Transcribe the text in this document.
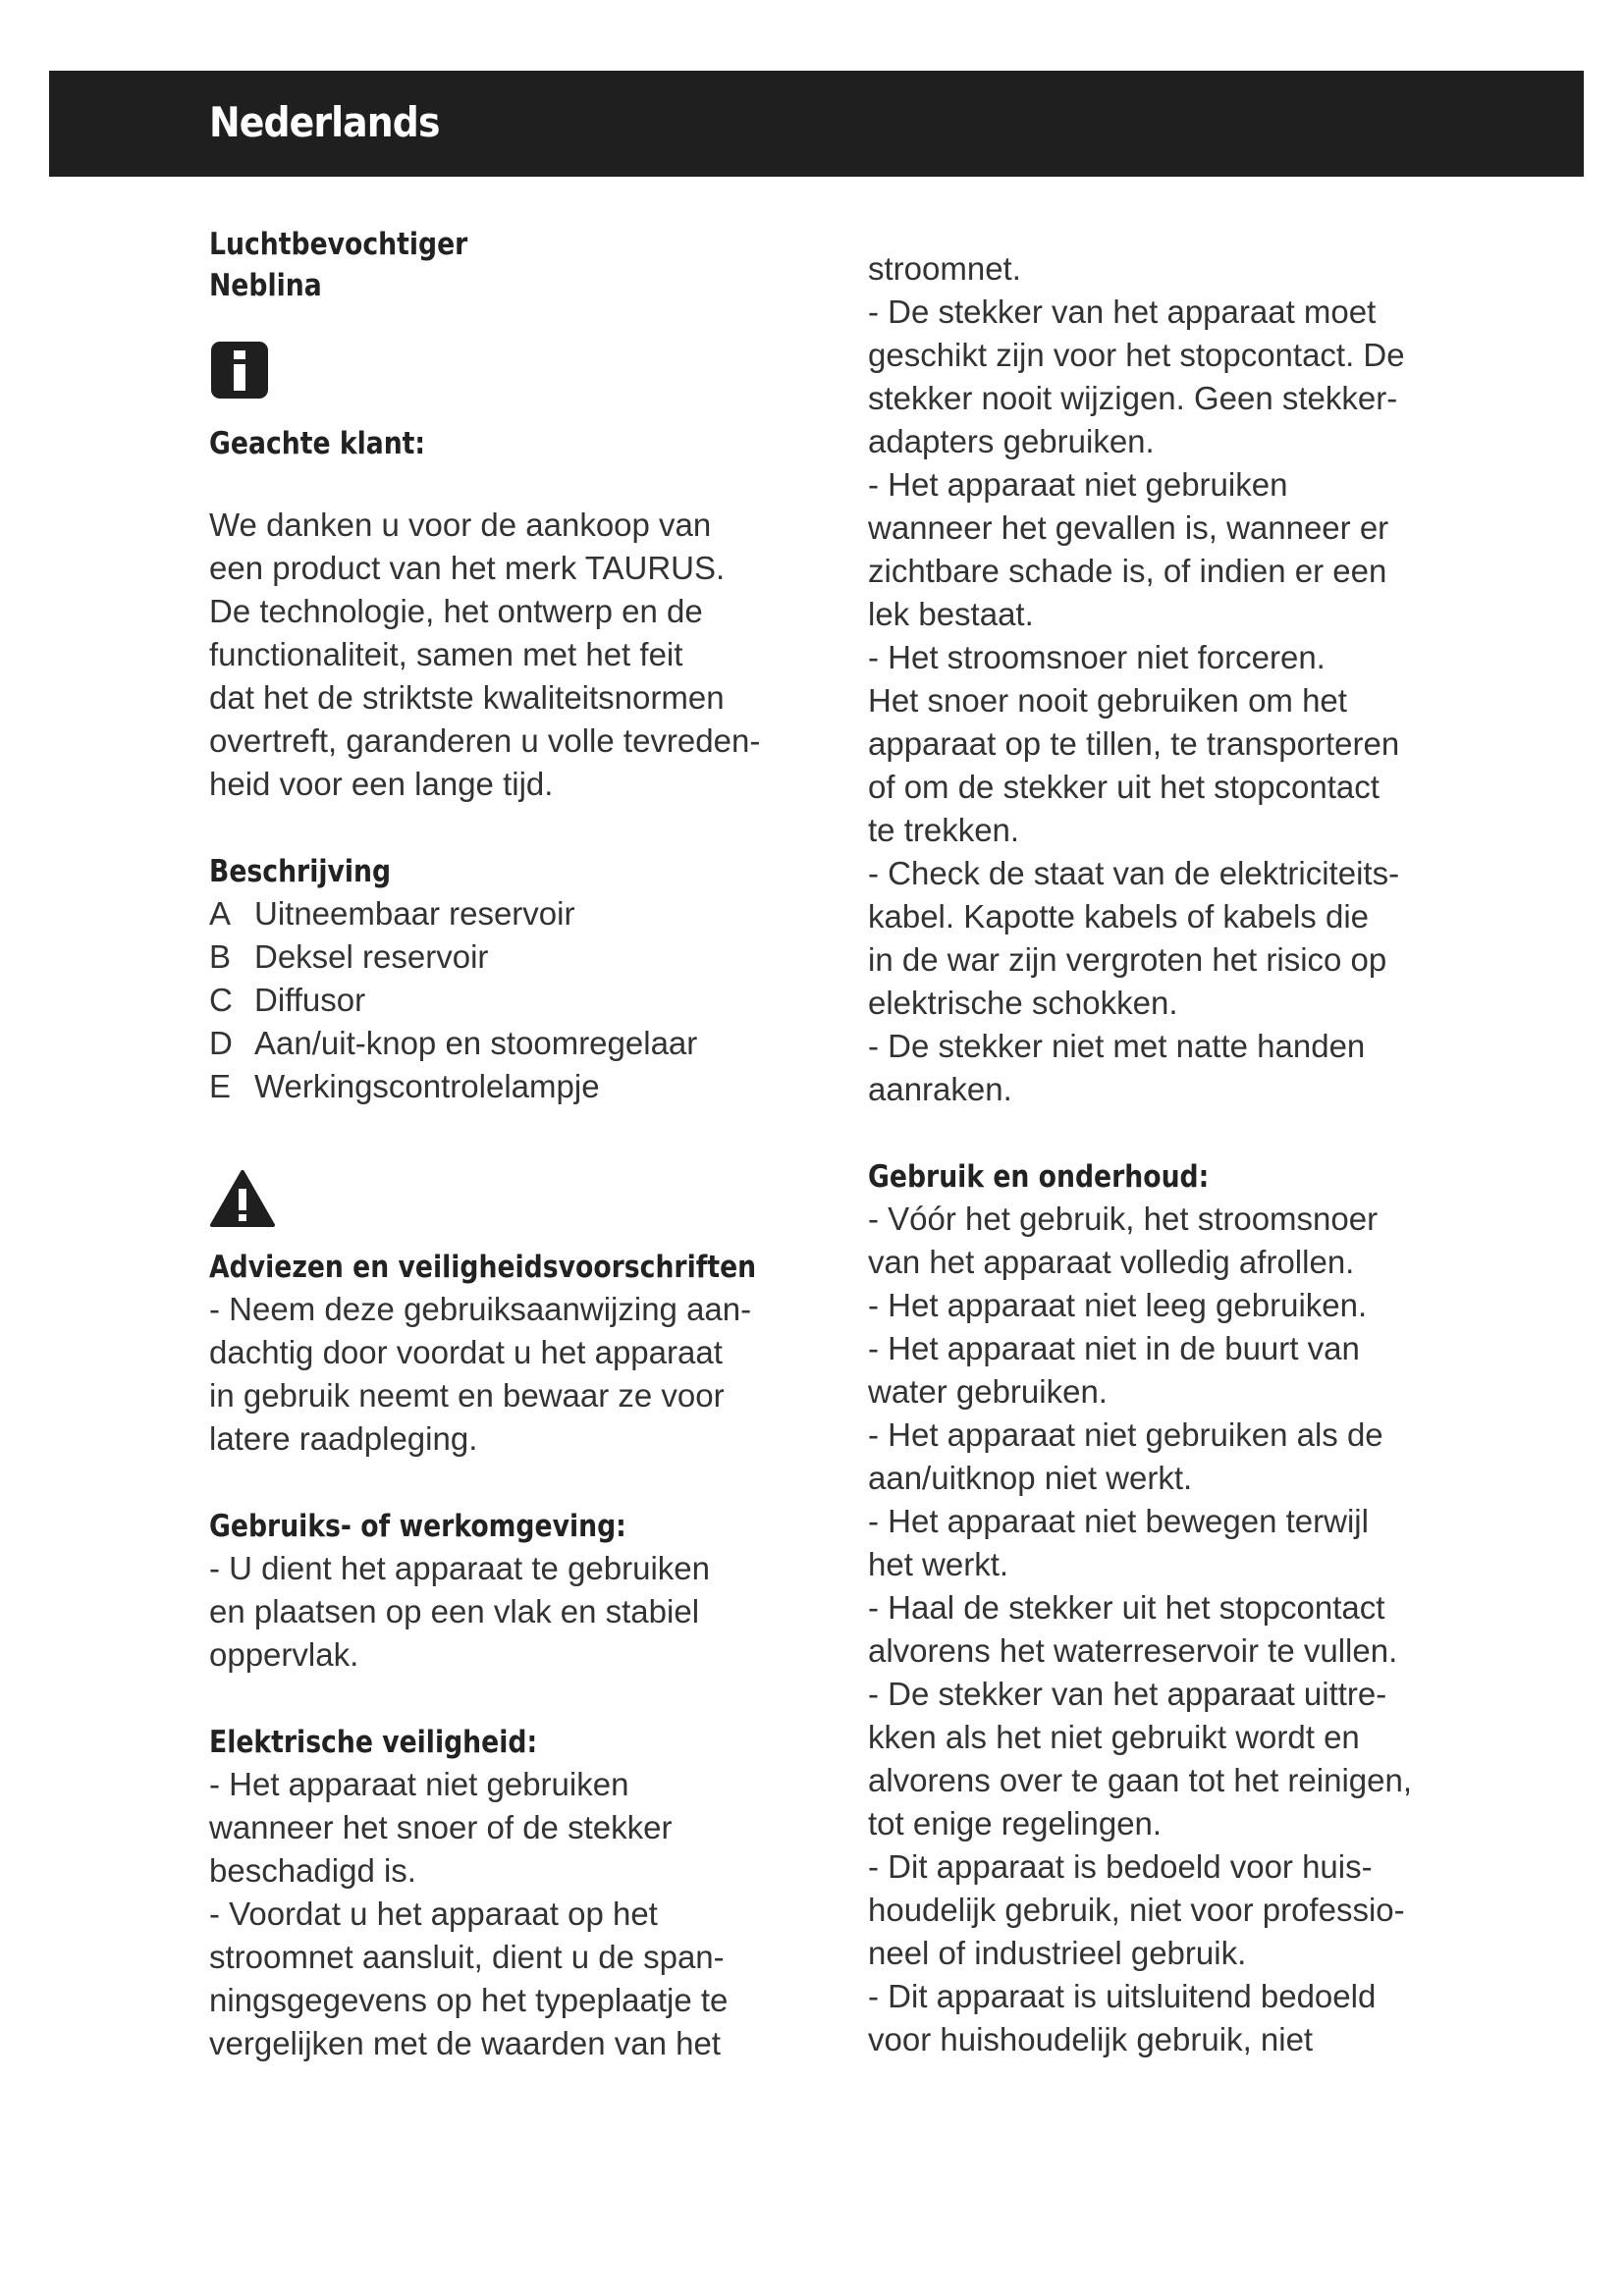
Nederlands

Luchtbevochtiger

Neblina

Geachte klant:

We danken u voor de aankoop van

een product van het merk TAURUS.

De technologie, het ontwerp en de

functionaliteit, samen met het feit

dat het de striktste kwaliteitsnormen

overtreft, garanderen u volle tevreden-

heid voor een lange tijd.

Beschrijving

A Uitneembaar reservoir
B Deksel reservoir
C Diffusor
D Aan/uit-knop en stoomregelaar
E Werkingscontrolelampje

Adviezen en veiligheidsvoorschriften

- Neem deze gebruiksaanwijzing aan-

dachtig door voordat u het apparaat

in gebruik neemt en bewaar ze voor

latere raadpleging.

Gebruiks- of werkomgeving:

- U dient het apparaat te gebruiken

en plaatsen op een vlak en stabiel

oppervlak.

Elektrische veiligheid:

- Het apparaat niet gebruiken

wanneer het snoer of de stekker

beschadigd is.

- Voordat u het apparaat op het

stroomnet aansluit, dient u de span-

ningsgegevens op het typeplaatje te

vergelijken met de waarden van het

stroomnet.

- De stekker van het apparaat moet

geschikt zijn voor het stopcontact. De

stekker nooit wijzigen. Geen stekker-

adapters gebruiken.

- Het apparaat niet gebruiken

wanneer het gevallen is, wanneer er

zichtbare schade is, of indien er een

lek bestaat.

- Het stroomsnoer niet forceren.

Het snoer nooit gebruiken om het

apparaat op te tillen, te transporteren

of om de stekker uit het stopcontact

te trekken.

- Check de staat van de elektriciteits-

kabel. Kapotte kabels of kabels die

in de war zijn vergroten het risico op

elektrische schokken.

- De stekker niet met natte handen

aanraken.

Gebruik en onderhoud:

- Vóór het gebruik, het stroomsnoer

van het apparaat volledig afrollen.

- Het apparaat niet leeg gebruiken.

- Het apparaat niet in de buurt van

water gebruiken.

- Het apparaat niet gebruiken als de

aan/uitknop niet werkt.

- Het apparaat niet bewegen terwijl

het werkt.

- Haal de stekker uit het stopcontact

alvorens het waterreservoir te vullen.

- De stekker van het apparaat uittre-

kken als het niet gebruikt wordt en

alvorens over te gaan tot het reinigen,

tot enige regelingen.

- Dit apparaat is bedoeld voor huis-

houdelijk gebruik, niet voor professio-

neel of industrieel gebruik.

- Dit apparaat is uitsluitend bedoeld

voor huishoudelijk gebruik, niet
